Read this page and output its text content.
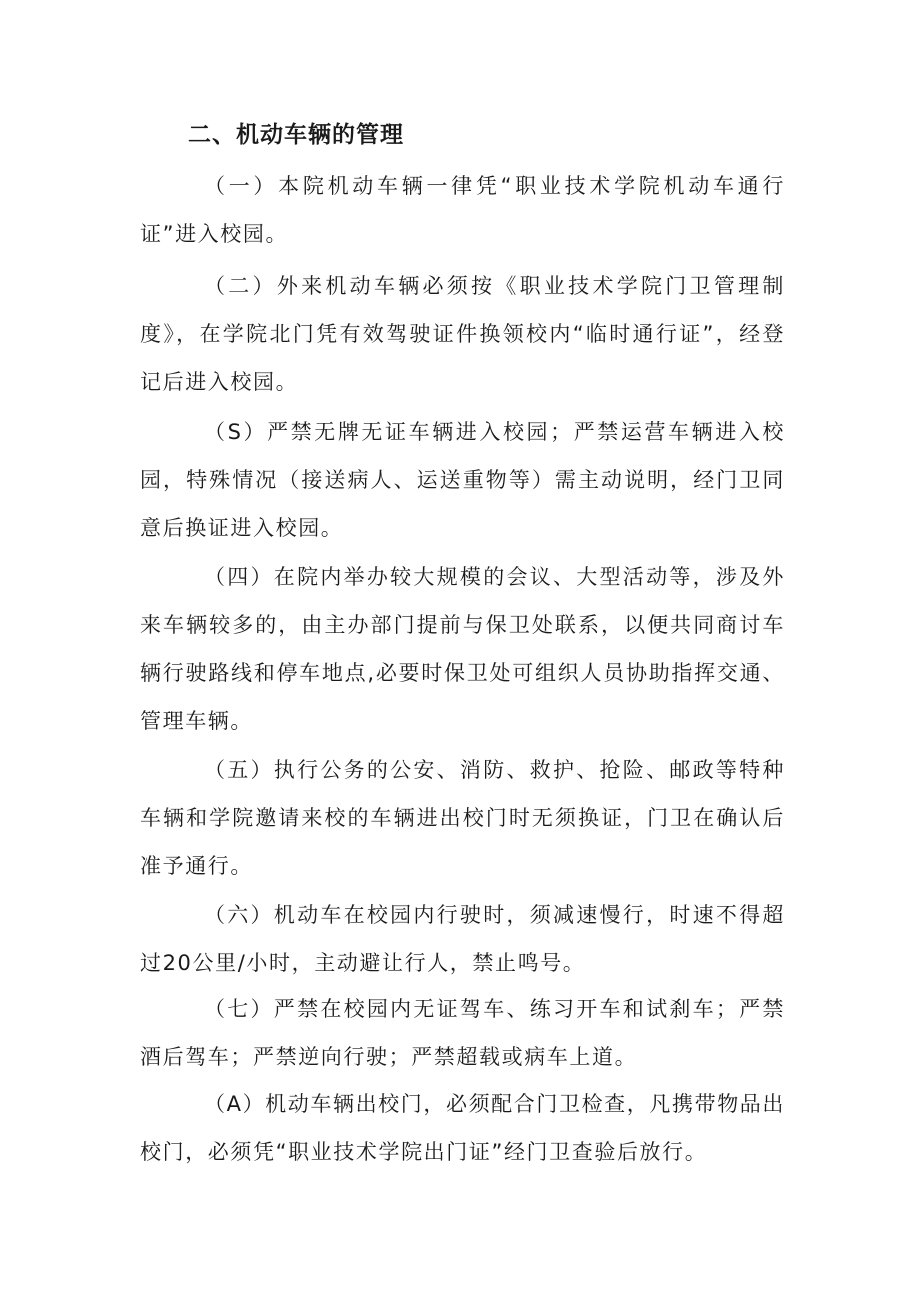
二、机动车辆的管理

（一）本院机动车辆一律凭“职业技术学院机动车通行证”进入校园。

（二）外来机动车辆必须按《职业技术学院门卫管理制度》，在学院北门凭有效驾驶证件换领校内“临时通行证”，经登记后进入校园。

（S）严禁无牌无证车辆进入校园；严禁运营车辆进入校园，特殊情况（接送病人、运送重物等）需主动说明，经门卫同意后换证进入校园。

（四）在院内举办较大规模的会议、大型活动等，涉及外来车辆较多的，由主办部门提前与保卫处联系，以便共同商讨车辆行驶路线和停车地点,必要时保卫处可组织人员协助指挥交通、管理车辆。

（五）执行公务的公安、消防、救护、抢险、邮政等特种车辆和学院邀请来校的车辆进出校门时无须换证，门卫在确认后准予通行。

（六）机动车在校园内行驶时，须减速慢行，时速不得超过20公里/小时，主动避让行人，禁止鸣号。

（七）严禁在校园内无证驾车、练习开车和试刹车；严禁酒后驾车；严禁逆向行驶；严禁超载或病车上道。

（A）机动车辆出校门，必须配合门卫检查，凡携带物品出校门，必须凭“职业技术学院出门证”经门卫查验后放行。
